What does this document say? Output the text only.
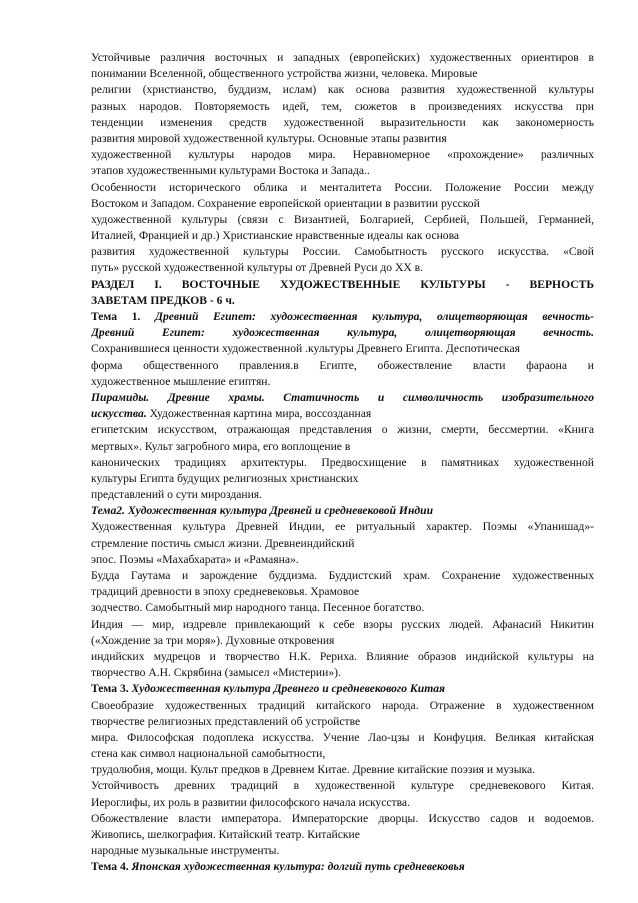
Устойчивые различия восточных и западных (европейских) художественных ориентиров в
понимании Вселенной, общественного устройства жизни, человека. Мировые
религии (христианство, буддизм, ислам) как основа развития художественной культуры
разных народов. Повторяемость идей, тем, сюжетов в произведениях искусства при
тенденции изменения средств художественной выразительности как закономерность
развития мировой художественной культуры. Основные этапы развития
художественной культуры народов мира. Неравномерное «прохождение» различных
этапов художественными культурами Востока и Запада..
Особенности исторического облика и менталитета России. Положение России между
Востоком и Западом. Сохранение европейской ориентации в развитии русской
художественной культуры (связи с Византией, Болгарией, Сербией, Польшей, Германией,
Италией, Францией и др.) Христианские нравственные идеалы как основа
развития художественной культуры России. Самобытность русского искусства. «Свой
путь» русской художественной культуры от Древней Руси до XX в.
РАЗДЕЛ I. ВОСТОЧНЫЕ ХУДОЖЕСТВЕННЫЕ КУЛЬТУРЫ - ВЕРНОСТЬ
ЗАВЕТАМ ПРЕДКОВ - 6 ч.
Тема 1. Древний Египет: художественная культура, олицетворяющая вечность-
Древний Египет: художественная культура, олицетворяющая вечность.
Сохранившиеся ценности художественной .культуры Древнего Египта. Деспотическая
форма общественного правления.в Египте, обожествление власти фараона и
художественное мышление египтян.
Пирамиды. Древние храмы. Статичность и символичность изобразительного
искусства. Художественная картина мира, воссозданная
египетским искусством, отражающая представления о жизни, смерти, бессмертии. «Книга
мертвых». Культ загробного мира, его воплощение в
канонических традициях архитектуры. Предвосхищение в памятниках художественной
культуры Египта будущих религиозных христианских
представлений о сути мироздания.
Тема2. Художественная культура Древней и средневековой Индии
Художественная культура Древней Индии, ее ритуальный характер. Поэмы «Упанишад»-
стремление постичь смысл жизни. Древнеиндийский
эпос. Поэмы «Махабхарата» и «Рамаяна».
Будда Гаутама и зарождение буддизма. Буддистский храм. Сохранение художественных
традиций древности в эпоху средневековья. Храмовое
зодчество. Самобытный мир народного танца. Песенное богатство.
Индия — мир, издревле привлекающий к себе взоры русских людей. Афанасий Никитин
(«Хождение за три моря»). Духовные откровения
индийских мудрецов и творчество Н.К. Рериха. Влияние образов индийской культуры на
творчество А.Н. Скрябина (замысел «Мистерии»).
Тема 3. Художественная культура Древнего и средневекового Китая
Своеобразие художественных традиций китайского народа. Отражение в художественном
творчестве религиозных представлений об устройстве
мира. Философская подоплека искусства. Учение Лао-цзы и Конфуция. Великая китайская
стена как символ национальной самобытности,
трудолюбия, мощи. Культ предков в Древнем Китае. Древние китайские поэзия и музыка.
Устойчивость древних традиций в художественной культуре средневекового Китая.
Иероглифы, их роль в развитии философского начала искусства.
Обожествление власти императора. Императорские дворцы. Искусство садов и водоемов.
Живопись, шелкография. Китайский театр. Китайские
народные музыкальные инструменты.
Тема 4. Японская художественная культура: долгий путь средневековья
